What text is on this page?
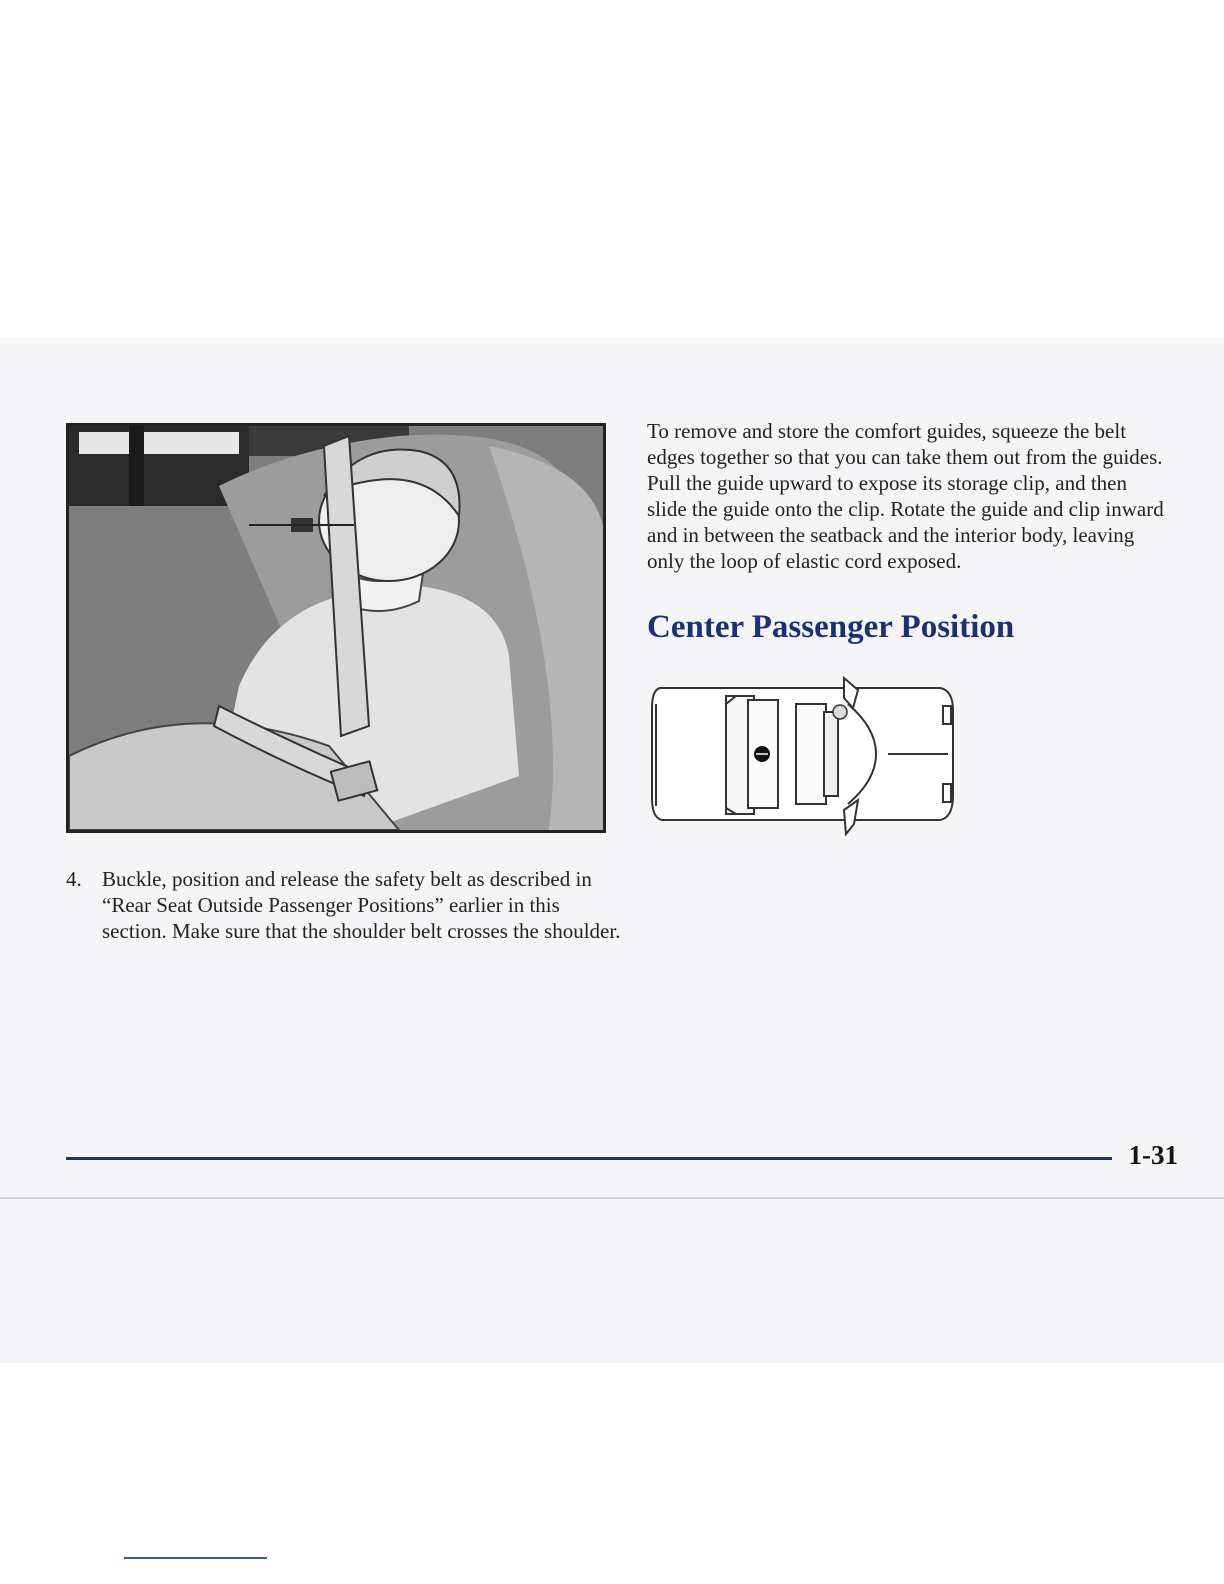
4. Buckle, position and release the safety belt as described in “Rear Seat Outside Passenger Positions” earlier in this section. Make sure that the shoulder belt crosses the shoulder.

To remove and store the comfort guides, squeeze the belt edges together so that you can take them out from the guides. Pull the guide upward to expose its storage clip, and then slide the guide onto the clip. Rotate the guide and clip inward and in between the seatback and the interior body, leaving only the loop of elastic cord exposed.

Center Passenger Position
1-31
